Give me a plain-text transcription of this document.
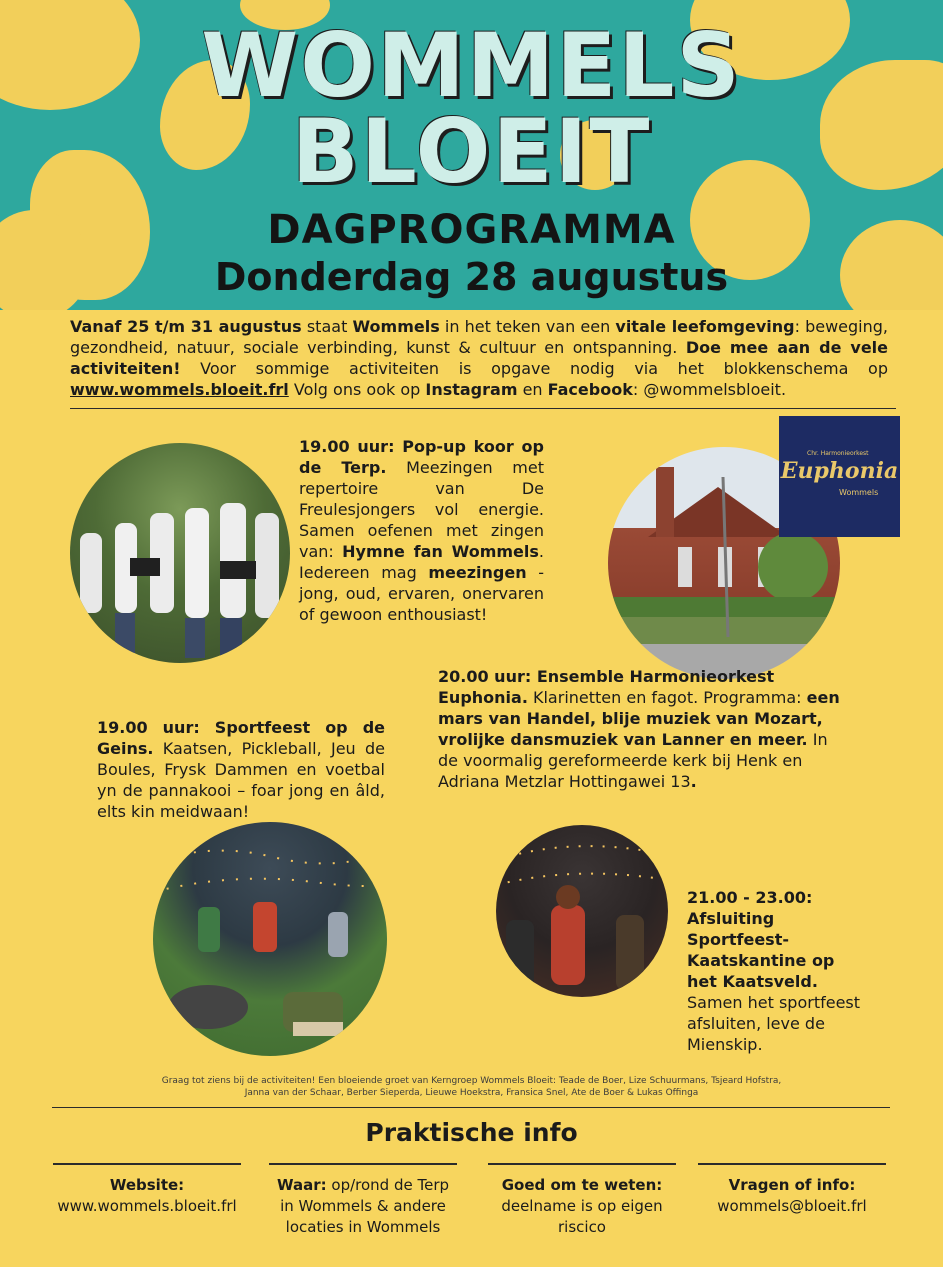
WOMMELS
BLOEIT
DAGPROGRAMMA
Donderdag 28 augustus
Vanaf 25 t/m 31 augustus staat Wommels in het teken van een vitale leefomgeving: beweging, gezondheid, natuur, sociale verbinding, kunst & cultuur en ontspanning. Doe mee aan de vele activiteiten! Voor sommige activiteiten is opgave nodig via het blokkenschema op www.wommels.bloeit.frl Volg ons ook op Instagram en Facebook: @wommelsbloeit.
Chr. Harmonieorkest
Euphonia
Wommels
19.00 uur: Pop-up koor op de Terp. Meezingen met repertoire van De Freulesjongers vol energie. Samen oefenen met zingen van: Hymne fan Wommels. Iedereen mag meezingen - jong, oud, ervaren, onervaren of gewoon enthousiast!
20.00 uur: Ensemble Harmonieorkest Euphonia. Klarinetten en fagot. Programma: een mars van Handel, blije muziek van Mozart, vrolijke dansmuziek van Lanner en meer. In de voormalig gereformeerde kerk bij Henk en Adriana Metzlar Hottingawei 13.
19.00 uur: Sportfeest op de Geins. Kaatsen, Pickleball, Jeu de Boules, Frysk Dammen en voetbal yn de pannakooi – foar jong en âld, elts kin meidwaan!
21.00 - 23.00: Afsluiting Sportfeest- Kaatskantine op het Kaatsveld. Samen het sportfeest afsluiten, leve de Mienskip.
Graag tot ziens bij de activiteiten! Een bloeiende groet van Kerngroep Wommels Bloeit: Teade de Boer, Lize Schuurmans, Tsjeard Hofstra, Janna van der Schaar, Berber Sieperda, Lieuwe Hoekstra, Fransica Snel, Ate de Boer & Lukas Offinga
Praktische info
Website:
www.wommels.bloeit.frl
Waar: op/rond de Terp in Wommels & andere locaties in Wommels
Goed om te weten:
deelname is op eigen riscico
Vragen of info:
wommels@bloeit.frl
